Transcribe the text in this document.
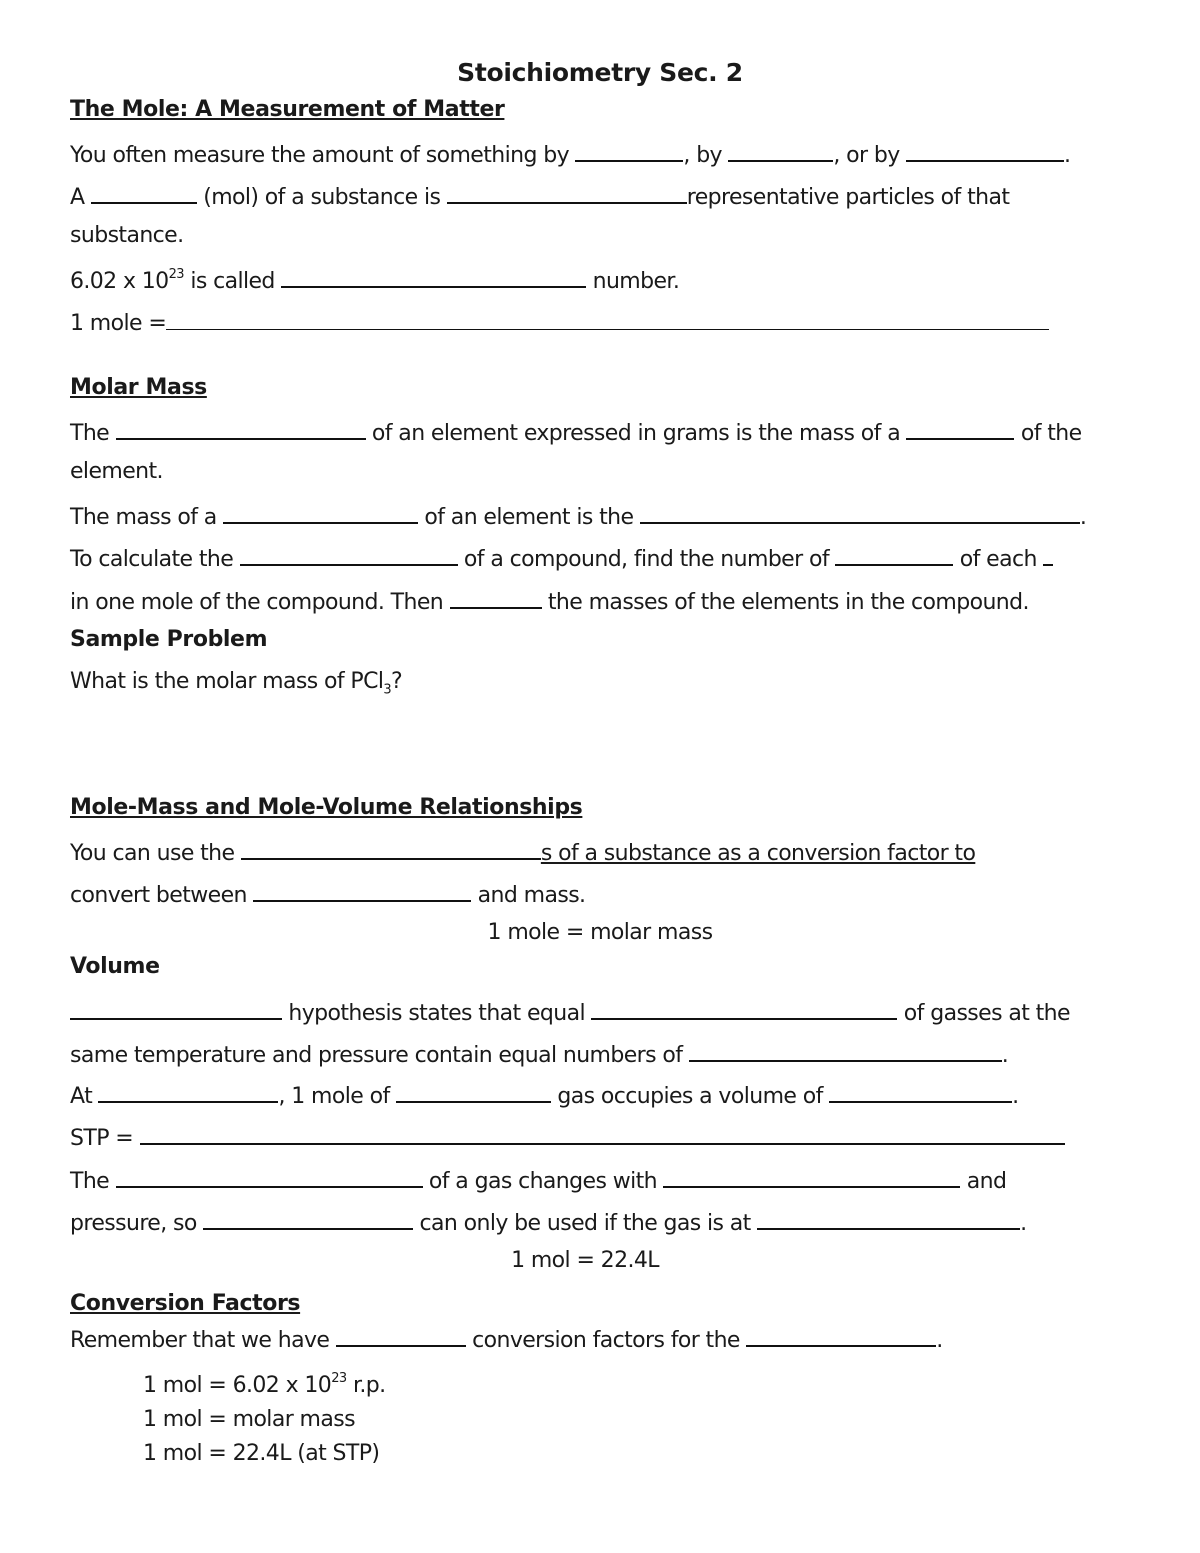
Stoichiometry Sec. 2
The Mole: A Measurement of Matter
You often measure the amount of something by	, by	, or by	.
A	(mol) of a substance is	representative particles of that
substance.
6.02 x $10^{23}$ is called	number.
1 mole =
Molar Mass
The	of an element expressed in grams is the mass of a	of the
element.
The mass of a	of an element is the	.
To calculate the	of a compound, find the number of	of each
in one mole of the compound. Then	the masses of the elements in the compound.
Sample Problem
What is the molar mass of PCl$_3$?
Mole-Mass and Mole-Volume Relationships
You can use the	s of a substance as a conversion factor to
convert between	and mass.
1 mole = molar mass
Volume
hypothesis states that equal	of gasses at the
same temperature and pressure contain equal numbers of	.
At	, 1 mole of	gas occupies a volume of	.
STP =
The	of a gas changes with	and
pressure, so	can only be used if the gas is at	.
1 mol = 22.4L
Conversion Factors
Remember that we have	conversion factors for the	.
1 mol = 6.02 x $10^{23}$ r.p.
1 mol = molar mass
1 mol = 22.4L (at STP)
